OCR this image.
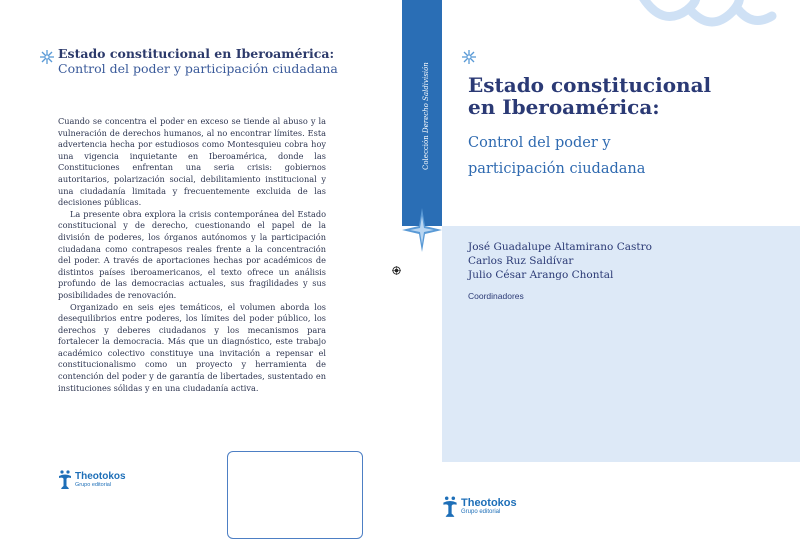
Estado constitucional en Iberoamérica:
Control del poder y participación ciudadana

Cuando se concentra el poder en exceso se tiende al abuso y la vulneración de derechos humanos, al no encontrar límites. Esta advertencia hecha por estudiosos como Montesquieu cobra hoy una vigencia inquietante en Iberoamérica, donde las Constituciones enfrentan una seria crisis: gobiernos autoritarios, polarización social, debilitamiento institucional y una ciudadanía limitada y frecuentemente excluida de las decisiones públicas.

La presente obra explora la crisis contemporánea del Estado constitucional y de derecho, cuestionando el papel de la división de poderes, los órganos autónomos y la participación ciudadana como contrapesos reales frente a la concentración del poder. A través de aportaciones hechas por académicos de distintos países iberoamericanos, el texto ofrece un análisis profundo de las democracias actuales, sus fragilidades y sus posibilidades de renovación.

Organizado en seis ejes temáticos, el volumen aborda los desequilibrios entre poderes, los límites del poder público, los derechos y deberes ciudadanos y los mecanismos para fortalecer la democracia. Más que un diagnóstico, este trabajo académico colectivo constituye una invitación a repensar el constitucionalismo como un proyecto y herramienta de contención del poder y de garantía de libertades, sustentado en instituciones sólidas y en una ciudadanía activa.

Theotokos
Grupo editorial
Colección Derecho Saldivisión Estado constitucional
en Iberoamérica:
Control del poder y
participación ciudadana
José Guadalupe Altamirano Castro
Carlos Ruz Saldívar
Julio César Arango Chontal
Coordinadores
Theotokos
Grupo editorial
